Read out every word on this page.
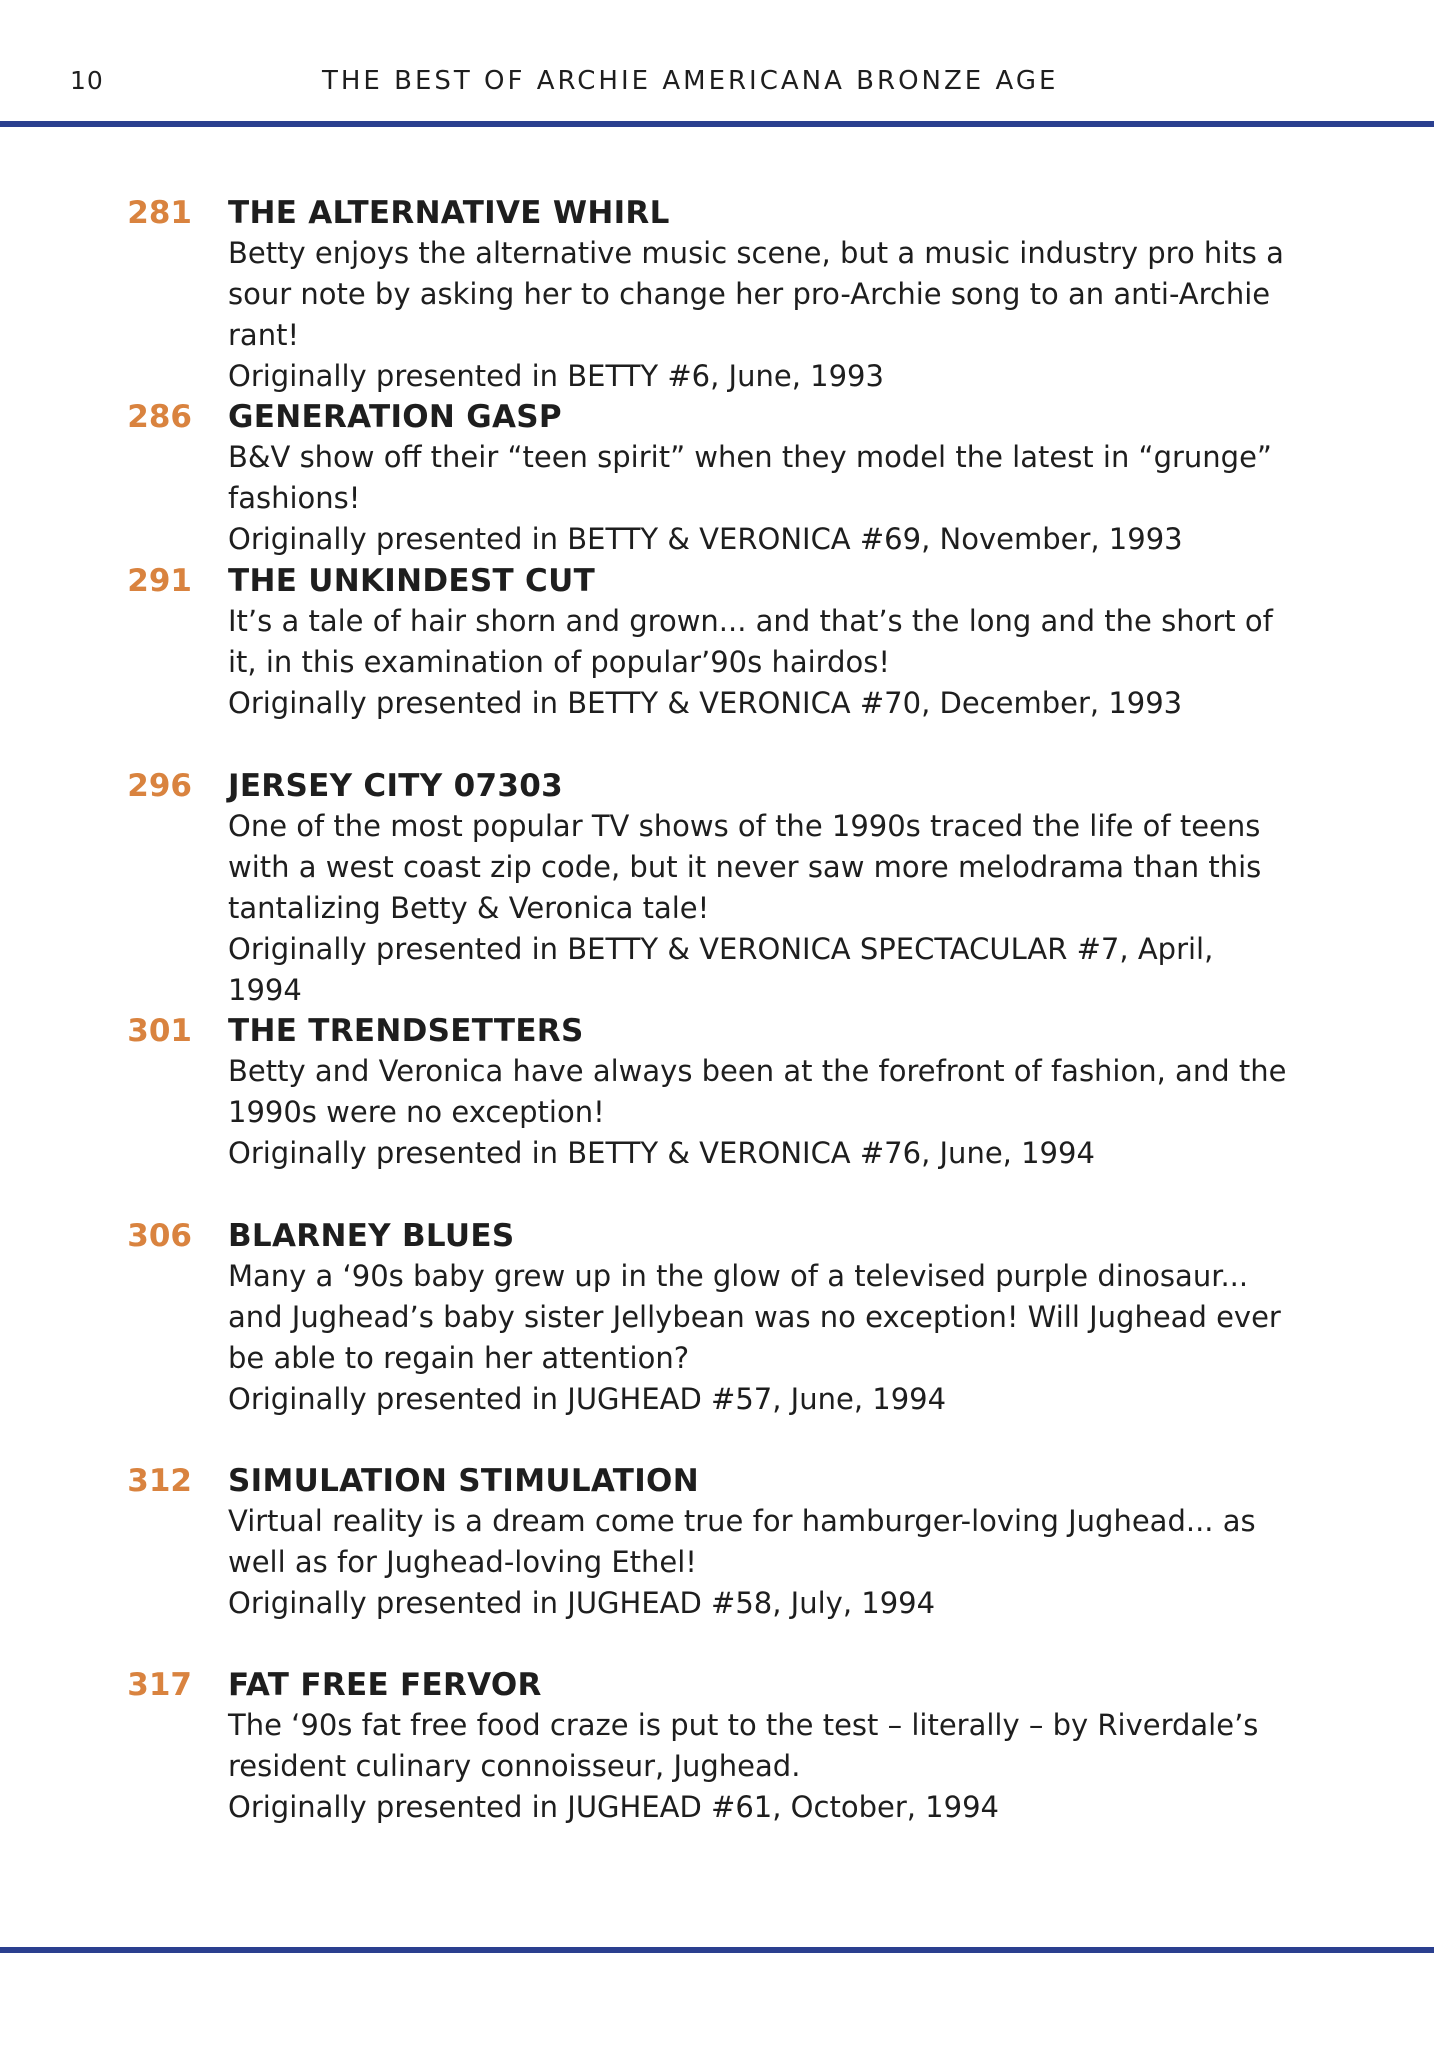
10	THE BEST OF ARCHIE AMERICANA BRONZE AGE
281 THE ALTERNATIVE WHIRL
Betty enjoys the alternative music scene, but a music industry pro hits a sour note by asking her to change her pro-Archie song to an anti-Archie rant!
Originally presented in BETTY #6, June, 1993
286 GENERATION GASP
B&V show off their “teen spirit” when they model the latest in “grunge” fashions!
Originally presented in BETTY & VERONICA #69, November, 1993
291 THE UNKINDEST CUT
It’s a tale of hair shorn and grown... and that’s the long and the short of it, in this examination of popular’90s hairdos!
Originally presented in BETTY & VERONICA #70, December, 1993
296 JERSEY CITY 07303
One of the most popular TV shows of the 1990s traced the life of teens with a west coast zip code, but it never saw more melodrama than this tantalizing Betty & Veronica tale!
Originally presented in BETTY & VERONICA SPECTACULAR #7, April, 1994
301 THE TRENDSETTERS
Betty and Veronica have always been at the forefront of fashion, and the 1990s were no exception!
Originally presented in BETTY & VERONICA #76, June, 1994
306 BLARNEY BLUES
Many a ‘90s baby grew up in the glow of a televised purple dinosaur... and Jughead’s baby sister Jellybean was no exception! Will Jughead ever be able to regain her attention?
Originally presented in JUGHEAD #57, June, 1994
312 SIMULATION STIMULATION
Virtual reality is a dream come true for hamburger-loving Jughead... as well as for Jughead-loving Ethel!
Originally presented in JUGHEAD #58, July, 1994
317 FAT FREE FERVOR
The ‘90s fat free food craze is put to the test – literally – by Riverdale’s resident culinary connoisseur, Jughead.
Originally presented in JUGHEAD #61, October, 1994
